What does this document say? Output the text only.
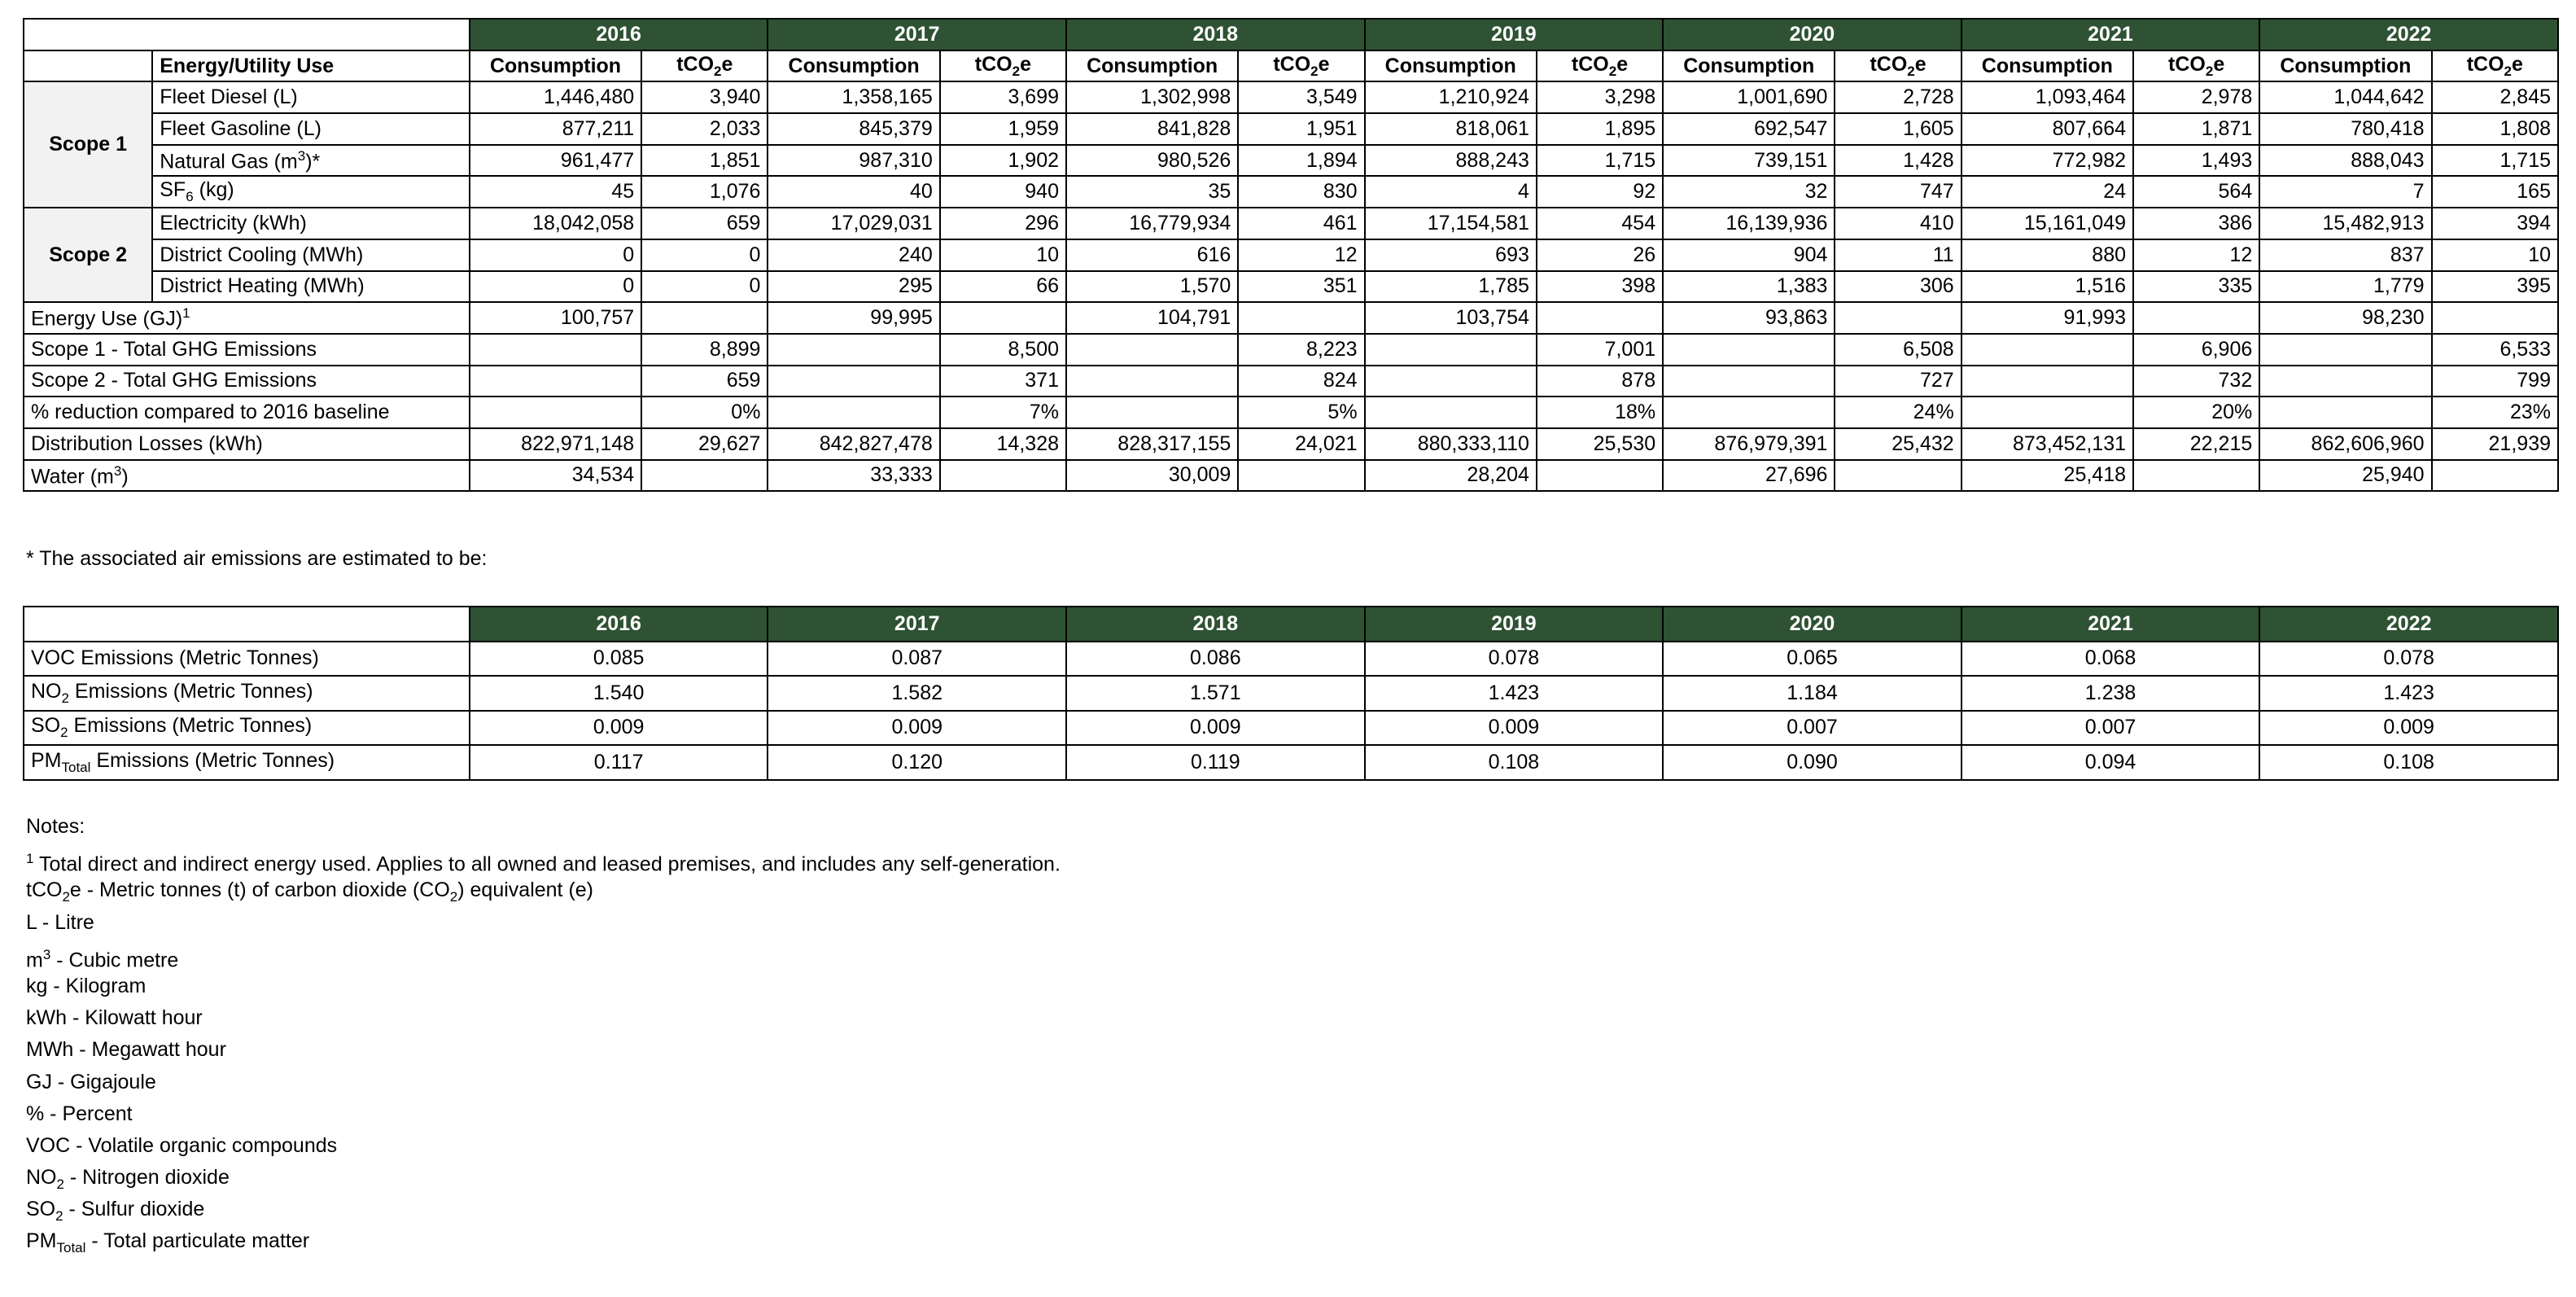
		2016		2017		2018		2019		2020		2021		2022	
	Energy/Utility Use	Consumption	tCO$_2$e	Consumption	tCO$_2$e	Consumption	tCO$_2$e	Consumption	tCO$_2$e	Consumption	tCO$_2$e	Consumption	tCO$_2$e	Consumption	tCO$_2$e
Scope 1	Fleet Diesel (L)	1,446,480	3,940	1,358,165	3,699	1,302,998	3,549	1,210,924	3,298	1,001,690	2,728	1,093,464	2,978	1,044,642	2,845
	Fleet Gasoline (L)	877,211	2,033	845,379	1,959	841,828	1,951	818,061	1,895	692,547	1,605	807,664	1,871	780,418	1,808
	Natural Gas $(m^3)*$	961,477	1,851	987,310	1,902	980,526	1,894	888,243	1,715	739,151	1,428	772,982	1,493	888,043	1,715
	$SF_6$ (kg)	45	1,076	40	940	35	830	4	92	32	747	24	564	7	165
Scope 2	Electricity (kWh)	18,042,058	659	17,029,031	296	16,779,934	461	17,154,581	454	16,139,936	410	15,161,049	386	15,482,913	394
	District Cooling (MWh)	0	0	240	10	616	12	693	26	904	11	880	12	837	10
	District Heating (MWh)	0	0	295	66	1,570	351	1,785	398	1,383	306	1,516	335	1,779	395
Energy Use (GJ)$^1$		100,757		99,995		104,791		103,754		93,863		91,993		98,230	
Scope 1 - Total GHG Emissions			8,899		8,500		8,223		7,001		6,508		6,906		6,533
Scope 2 - Total GHG Emissions			659		371		824		878		727		732		799
% reduction compared to 2016 baseline			0%		7%		5%		18%		24%		20%		23%
Distribution Losses (kWh)		822,971,148	29,627	842,827,478	14,328	828,317,155	24,021	880,333,110	25,530	876,979,391	25,432	873,452,131	22,215	862,606,960	21,939
Water $(m^3)$		34,534		33,333		30,009		28,204		27,696		25,418		25,940	
* The associated air emissions are estimated to be:
	2016	2017	2018	2019	2020	2021	2022
VOC Emissions (Metric Tonnes)	0.085	0.087	0.086	0.078	0.065	0.068	0.078
$NO_2$ Emissions (Metric Tonnes)	1.540	1.582	1.571	1.423	1.184	1.238	1.423
$SO_2$ Emissions (Metric Tonnes)	0.009	0.009	0.009	0.009	0.007	0.007	0.009
$PM_{Total}$ Emissions (Metric Tonnes)	0.117	0.120	0.119	0.108	0.090	0.094	0.108
Notes:
$^1$ Total direct and indirect energy used. Applies to all owned and leased premises, and includes any self-generation.
tCO$_2$e - Metric tonnes (t) of carbon dioxide $(CO_2)$ equivalent (e)
L - Litre
$m^3$ - Cubic metre
kg - Kilogram
kWh - Kilowatt hour
MWh - Megawatt hour
GJ - Gigajoule
% - Percent
VOC - Volatile organic compounds
$NO_2$ - Nitrogen dioxide
$SO_2$ - Sulfur dioxide
$PM_{Total}$ - Total particulate matter
